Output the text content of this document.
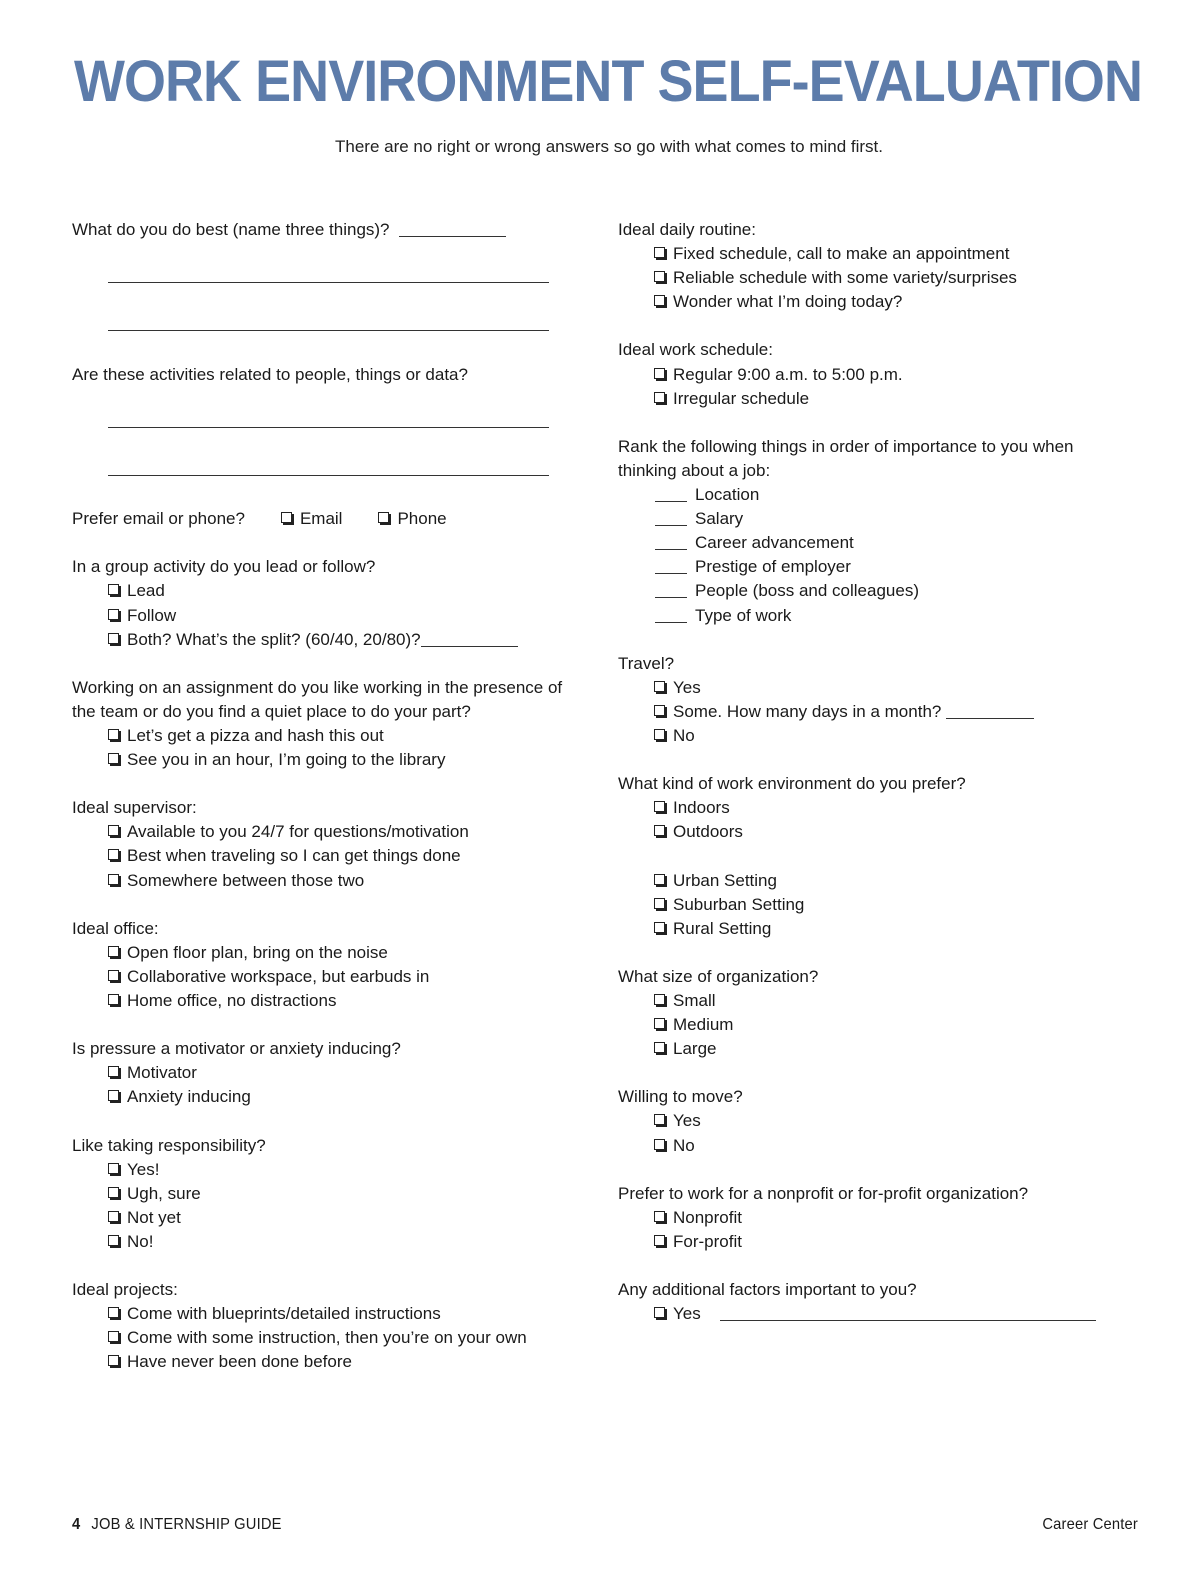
WORK ENVIRONMENT SELF-EVALUATION
There are no right or wrong answers so go with what comes to mind first.
What do you do best (name three things)?
Are these activities related to people, things or data?
Prefer email or phone?	Email	Phone
In a group activity do you lead or follow?
Lead
Follow
Both? What’s the split? (60/40, 20/80)?
Working on an assignment do you like working in the presence of the team or do you find a quiet place to do your part?
Let’s get a pizza and hash this out
See you in an hour, I’m going to the library
Ideal supervisor:
Available to you 24/7 for questions/motivation
Best when traveling so I can get things done
Somewhere between those two
Ideal office:
Open floor plan, bring on the noise
Collaborative workspace, but earbuds in
Home office, no distractions
Is pressure a motivator or anxiety inducing?
Motivator
Anxiety inducing
Like taking responsibility?
Yes!
Ugh, sure
Not yet
No!
Ideal projects:
Come with blueprints/detailed instructions
Come with some instruction, then you’re on your own
Have never been done before
Ideal daily routine:
Fixed schedule, call to make an appointment
Reliable schedule with some variety/surprises
Wonder what I’m doing today?
Ideal work schedule:
Regular 9:00 a.m. to 5:00 p.m.
Irregular schedule
Rank the following things in order of importance to you when thinking about a job:
Location
Salary
Career advancement
Prestige of employer
People (boss and colleagues)
Type of work
Travel?
Yes
Some. How many days in a month?
No
What kind of work environment do you prefer?
Indoors
Outdoors

Urban Setting
Suburban Setting
Rural Setting
What size of organization?
Small
Medium
Large
Willing to move?
Yes
No
Prefer to work for a nonprofit or for-profit organization?
Nonprofit
For-profit
Any additional factors important to you?
Yes
4 JOB & INTERNSHIP GUIDE	Career Center
